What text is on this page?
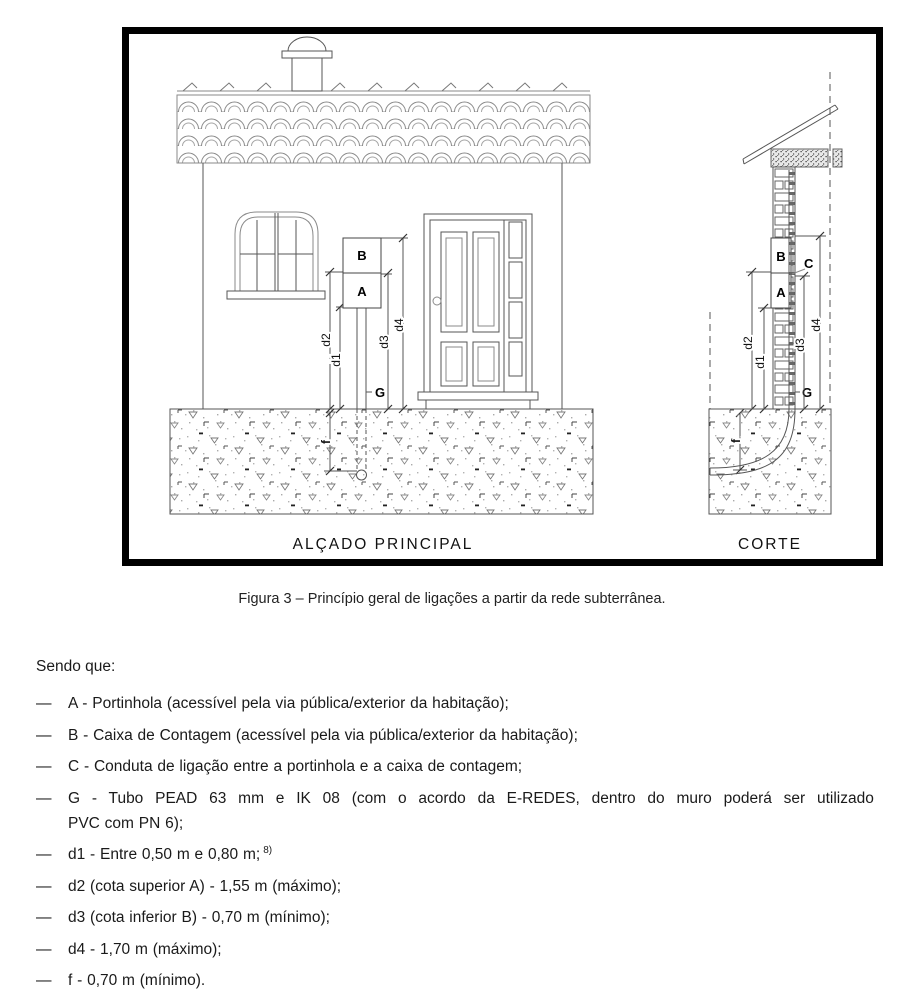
d2
d1
d3
d4
f
B
A
G
ALÇADO PRINCIPAL
B
A
C
G
d2
d1
d3
d4
CORTE
Figura 3 – Princípio geral de ligações a partir da rede subterrânea.
Sendo que:
—	A - Portinhola (acessível pela via pública/exterior da habitação);
—	B - Caixa de Contagem (acessível pela via pública/exterior da habitação);
—	C - Conduta de ligação entre a portinhola e a caixa de contagem;
—	G - Tubo PEAD 63 mm e IK 08 (com o acordo da E-REDES, dentro do muro poderá ser utilizado
PVC com PN 6);
—	d1 - Entre 0,50 m e 0,80 m; $^{8)}$
—	d2 (cota superior A) - 1,55 m (máximo);
—	d3 (cota inferior B) - 0,70 m (mínimo);
—	d4 - 1,70 m (máximo);
—	f - 0,70 m (mínimo).
